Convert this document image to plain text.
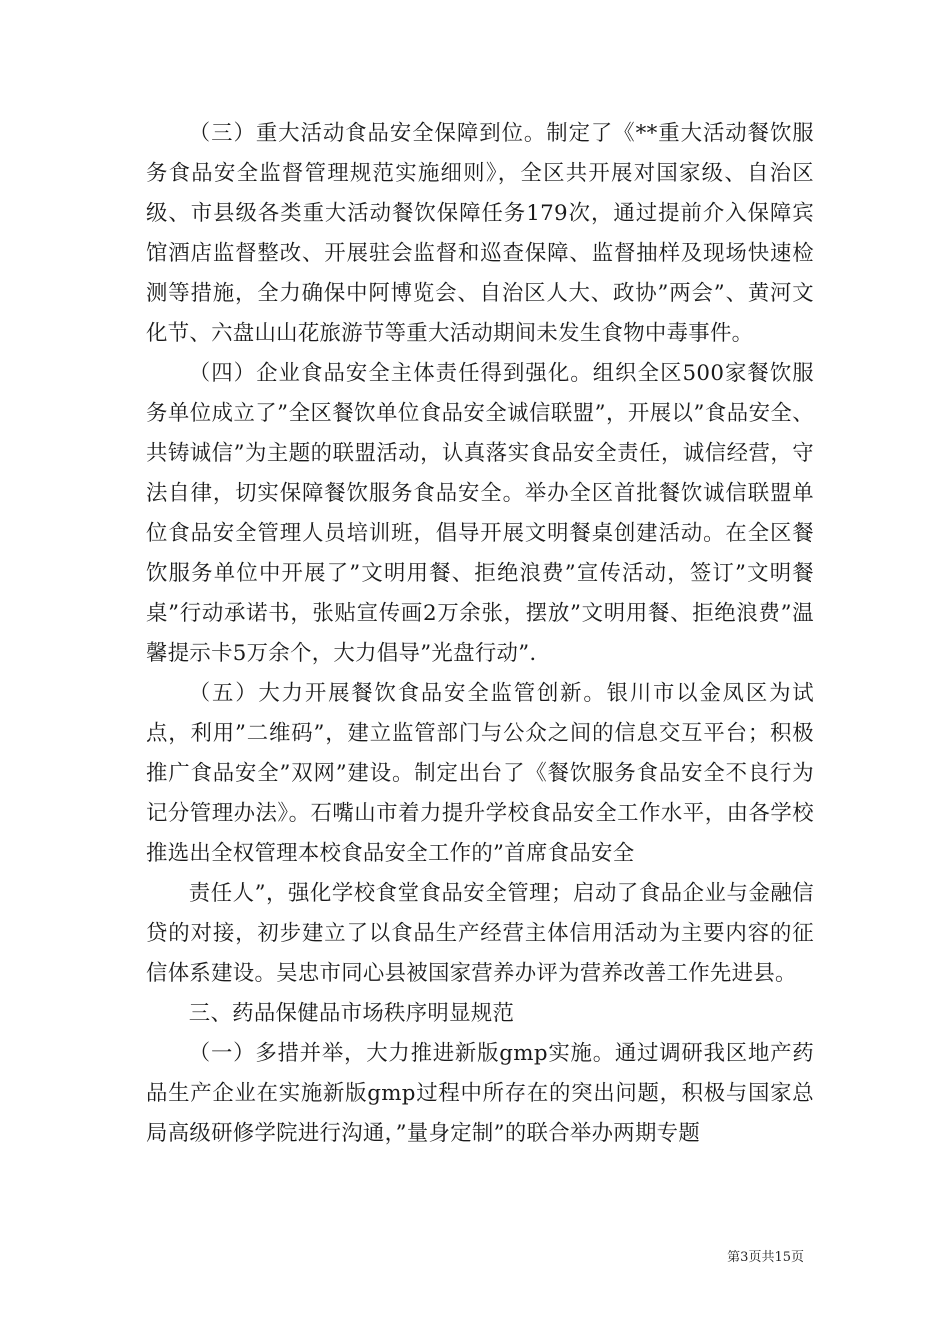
（三）重大活动食品安全保障到位。制定了《**重大活动餐饮服务食品安全监督管理规范实施细则》，全区共开展对国家级、自治区级、市县级各类重大活动餐饮保障任务179次，通过提前介入保障宾馆酒店监督整改、开展驻会监督和巡查保障、监督抽样及现场快速检测等措施，全力确保中阿博览会、自治区人大、政协”两会”、黄河文化节、六盘山山花旅游节等重大活动期间未发生食物中毒事件。

（四）企业食品安全主体责任得到强化。组织全区500家餐饮服务单位成立了”全区餐饮单位食品安全诚信联盟”，开展以”食品安全、共铸诚信”为主题的联盟活动，认真落实食品安全责任，诚信经营，守法自律，切实保障餐饮服务食品安全。举办全区首批餐饮诚信联盟单位食品安全管理人员培训班，倡导开展文明餐桌创建活动。在全区餐饮服务单位中开展了”文明用餐、拒绝浪费”宣传活动，签订”文明餐桌”行动承诺书，张贴宣传画2万余张，摆放”文明用餐、拒绝浪费”温馨提示卡5万余个，大力倡导”光盘行动”.

（五）大力开展餐饮食品安全监管创新。银川市以金凤区为试点，利用”二维码”，建立监管部门与公众之间的信息交互平台；积极推广食品安全”双网”建设。制定出台了《餐饮服务食品安全不良行为记分管理办法》。石嘴山市着力提升学校食品安全工作水平，由各学校推选出全权管理本校食品安全工作的”首席食品安全

责任人”，强化学校食堂食品安全管理；启动了食品企业与金融信贷的对接，初步建立了以食品生产经营主体信用活动为主要内容的征信体系建设。吴忠市同心县被国家营养办评为营养改善工作先进县。

三、药品保健品市场秩序明显规范

（一）多措并举，大力推进新版gmp实施。通过调研我区地产药品生产企业在实施新版gmp过程中所存在的突出问题，积极与国家总局高级研修学院进行沟通，”量身定制”的联合举办两期专题

第3页共15页
